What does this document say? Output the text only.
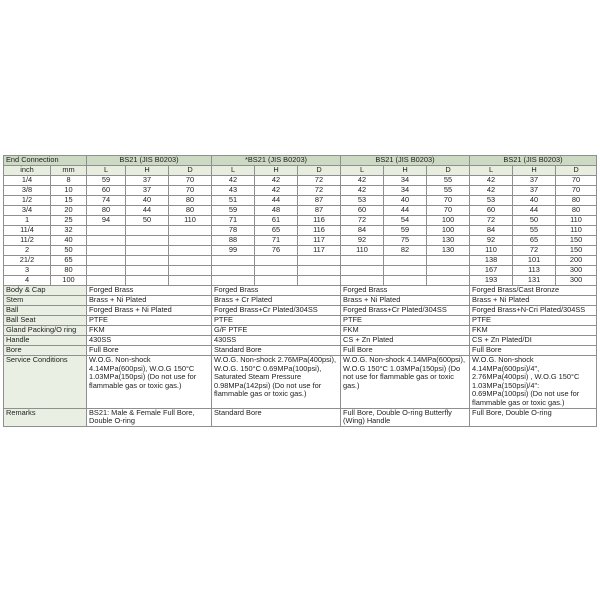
End Connection		BS21 (JIS B0203)			*BS21 (JIS B0203)			BS21 (JIS B0203)			BS21 (JIS B0203)		
inch	mm	L	H	D	L	H	D	L	H	D	L	H	D
1/4	8	59	37	70	42	42	72	42	34	55	42	37	70
3/8	10	60	37	70	43	42	72	42	34	55	42	37	70
1/2	15	74	40	80	51	44	87	53	40	70	53	40	80
3/4	20	80	44	80	59	48	87	60	44	70	60	44	80
1	25	94	50	110	71	61	116	72	54	100	72	50	110
11/4	32				78	65	116	84	59	100	84	55	110
11/2	40				88	71	117	92	75	130	92	65	150
2	50				99	76	117	110	82	130	110	72	150
21/2	65										138	101	200
3	80										167	113	300
4	100										193	131	300
Body & Cap		Forged Brass			Forged Brass			Forged Brass			Forged Brass/Cast Bronze		
Stem		Brass + Ni Plated			Brass + Cr Plated			Brass + Ni Plated			Brass + Ni Plated		
Ball		Forged Brass + Ni Plated			Forged Brass+Cr Plated/304SS			Forged Brass+Cr Plated/304SS			Forged Brass+N-Cri Plated/304SS		
Ball Seat		PTFE			PTFE			PTFE			PTFE		
Gland Packing/O ring		FKM			G/F PTFE			FKM			FKM		
Handle		430SS			430SS			CS + Zn Plated			CS + Zn Plated/DI		
Bore		Full Bore			Standard Bore			Full Bore			Full Bore		
Service Conditions		W.O.G. Non-shock 4.14MPa(600psi), W.O.G 150°C 1.03MPa(150psi) (Do not use for flammable gas or toxic gas.)			W.O.G. Non-shock 2.76MPa(400psi), W.O.G. 150°C 0.69MPa(100psi), Saturated Steam Pressure 0.98MPa(142psi) (Do not use for flammable gas or toxic gas.)			W.O.G. Non-shock 4.14MPa(600psi), W.O.G 150°C 1.03MPa(150psi) (Do not use for flammable gas or toxic gas.)			W.O.G. Non-shock 4.14MPa(600psi)/4", 2.76MPa(400psi) , W.O.G 150°C 1.03MPa(150psi)/4": 0.69MPa(100psi) (Do not use for flammable gas or toxic gas.)		
Remarks		BS21: Male & Female Full Bore, Double O-ring			Standard Bore			Full Bore, Double O-ring Butterfly (Wing) Handle			Full Bore, Double O-ring		
